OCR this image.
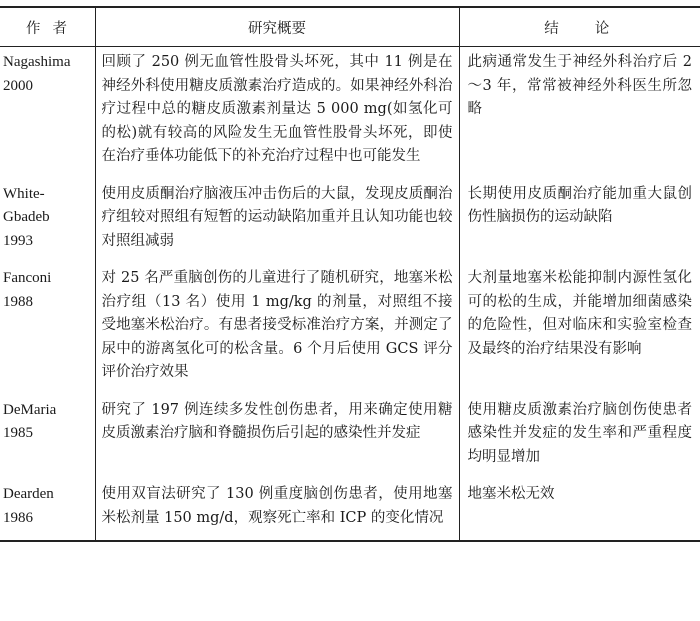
作者	研究概要	结论

Nagashima
2000	回顾了 250 例无血管性股骨头坏死，其中 11 例是在神经外科使用糖皮质激素治疗造成的。如果神经外科治疗过程中总的糖皮质激素剂量达 5 000 mg(如氢化可的松)就有较高的风险发生无血管性股骨头坏死，即使在治疗垂体功能低下的补充治疗过程中也可能发生	此病通常发生于神经外科治疗后 2～3 年，常常被神经外科医生所忽略

White-
Gbadeb
1993	使用皮质酮治疗脑液压冲击伤后的大鼠，发现皮质酮治疗组较对照组有短暂的运动缺陷加重并且认知功能也较对照组减弱	长期使用皮质酮治疗能加重大鼠创伤性脑损伤的运动缺陷

Fanconi
1988	对 25 名严重脑创伤的儿童进行了随机研究，地塞米松治疗组（13 名）使用 1 mg/kg 的剂量，对照组不接受地塞米松治疗。有患者接受标准治疗方案，并测定了尿中的游离氢化可的松含量。6 个月后使用 GCS 评分评价治疗效果	大剂量地塞米松能抑制内源性氢化可的松的生成，并能增加细菌感染的危险性，但对临床和实验室检查及最终的治疗结果没有影响

DeMaria
1985	研究了 197 例连续多发性创伤患者，用来确定使用糖皮质激素治疗脑和脊髓损伤后引起的感染性并发症	使用糖皮质激素治疗脑创伤使患者感染性并发症的发生率和严重程度均明显增加

Dearden
1986	使用双盲法研究了 130 例重度脑创伤患者，使用地塞米松剂量 150 mg/d，观察死亡率和 ICP 的变化情况	地塞米松无效
